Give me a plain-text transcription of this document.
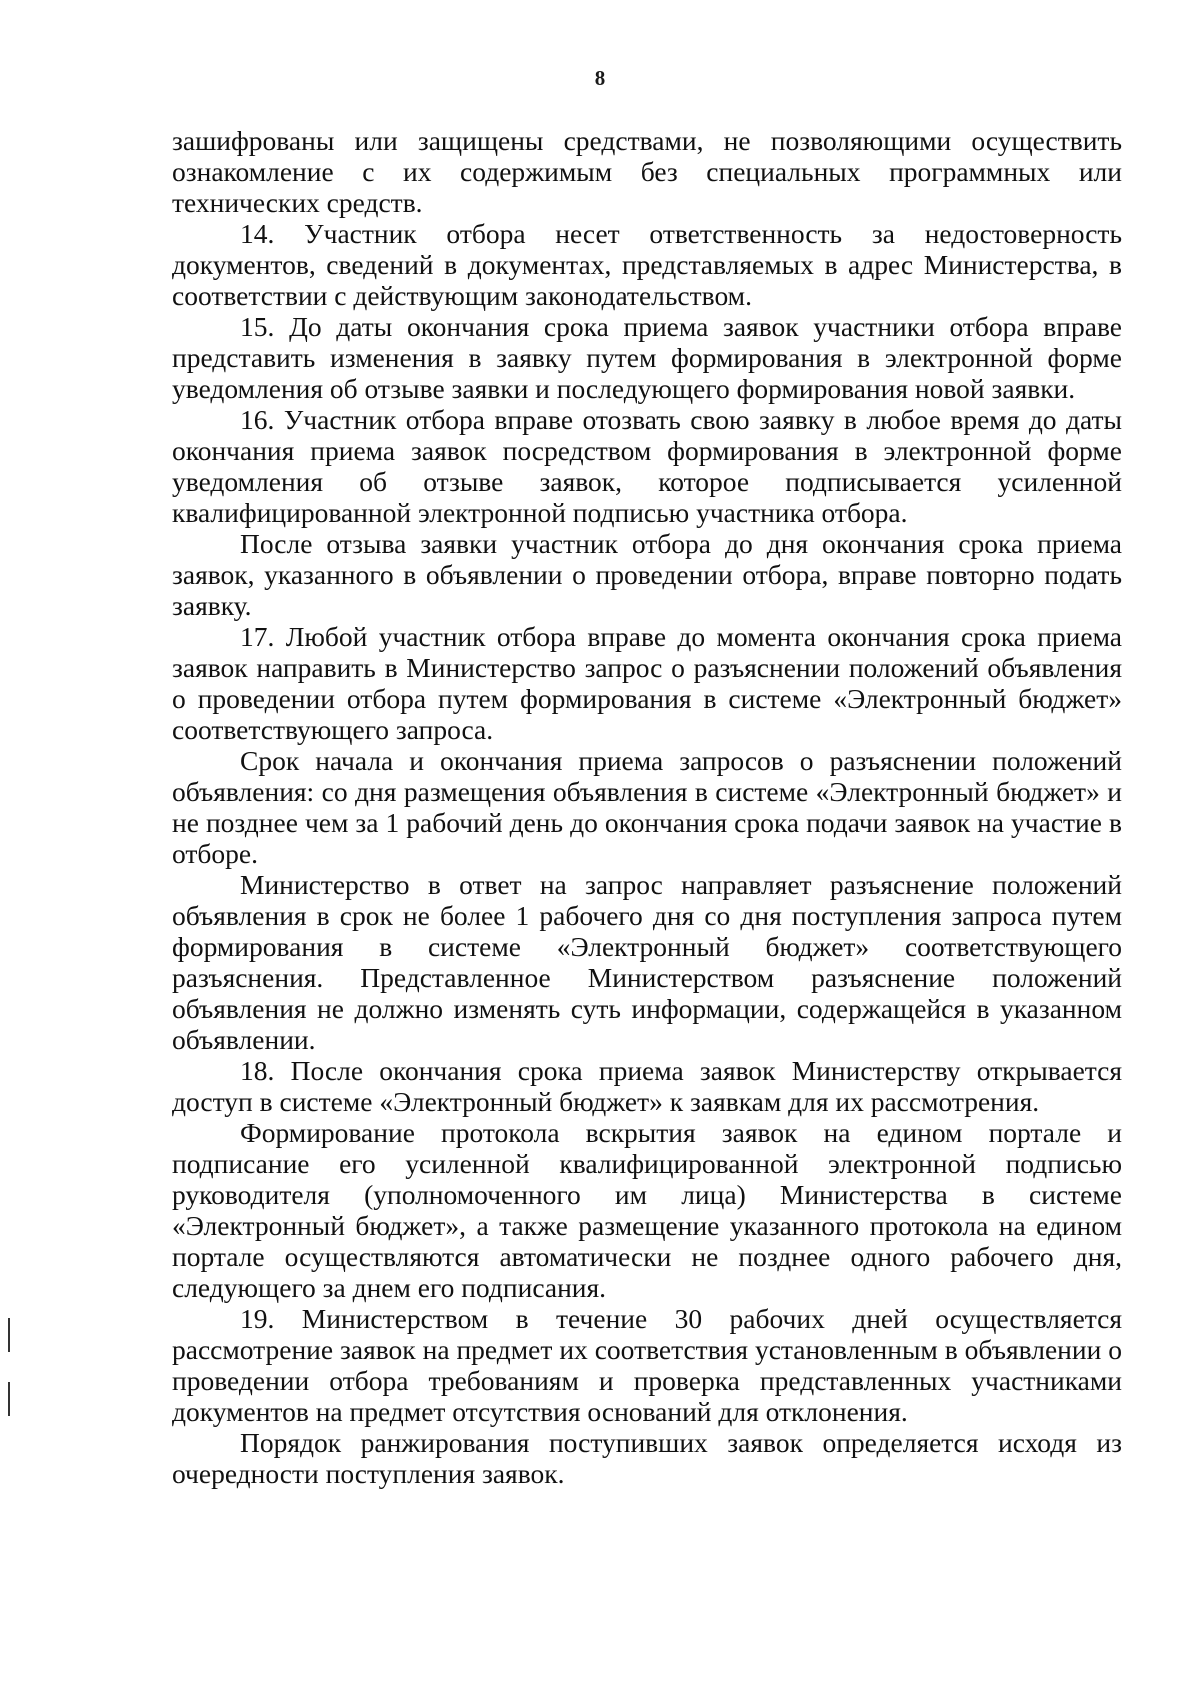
8

зашифрованы или защищены средствами, не позволяющими осуществить ознакомление с их содержимым без специальных программных или технических средств.

14. Участник отбора несет ответственность за недостоверность документов, сведений в документах, представляемых в адрес Министерства, в соответствии с действующим законодательством.

15. До даты окончания срока приема заявок участники отбора вправе представить изменения в заявку путем формирования в электронной форме уведомления об отзыве заявки и последующего формирования новой заявки.

16. Участник отбора вправе отозвать свою заявку в любое время до даты окончания приема заявок посредством формирования в электронной форме уведомления об отзыве заявок, которое подписывается усиленной квалифицированной электронной подписью участника отбора.

После отзыва заявки участник отбора до дня окончания срока приема заявок, указанного в объявлении о проведении отбора, вправе повторно подать заявку.

17. Любой участник отбора вправе до момента окончания срока приема заявок направить в Министерство запрос о разъяснении положений объявления о проведении отбора путем формирования в системе «Электронный бюджет» соответствующего запроса.

Срок начала и окончания приема запросов о разъяснении положений объявления: со дня размещения объявления в системе «Электронный бюджет» и не позднее чем за 1 рабочий день до окончания срока подачи заявок на участие в отборе.

Министерство в ответ на запрос направляет разъяснение положений объявления в срок не более 1 рабочего дня со дня поступления запроса путем формирования в системе «Электронный бюджет» соответствующего разъяснения. Представленное Министерством разъяснение положений объявления не должно изменять суть информации, содержащейся в указанном объявлении.

18. После окончания срока приема заявок Министерству открывается доступ в системе «Электронный бюджет» к заявкам для их рассмотрения.

Формирование протокола вскрытия заявок на едином портале и подписание его усиленной квалифицированной электронной подписью руководителя (уполномоченного им лица) Министерства в системе «Электронный бюджет», а также размещение указанного протокола на едином портале осуществляются автоматически не позднее одного рабочего дня, следующего за днем его подписания.

19. Министерством в течение 30 рабочих дней осуществляется рассмотрение заявок на предмет их соответствия установленным в объявлении о проведении отбора требованиям и проверка представленных участниками документов на предмет отсутствия оснований для отклонения.

Порядок ранжирования поступивших заявок определяется исходя из очередности поступления заявок.
